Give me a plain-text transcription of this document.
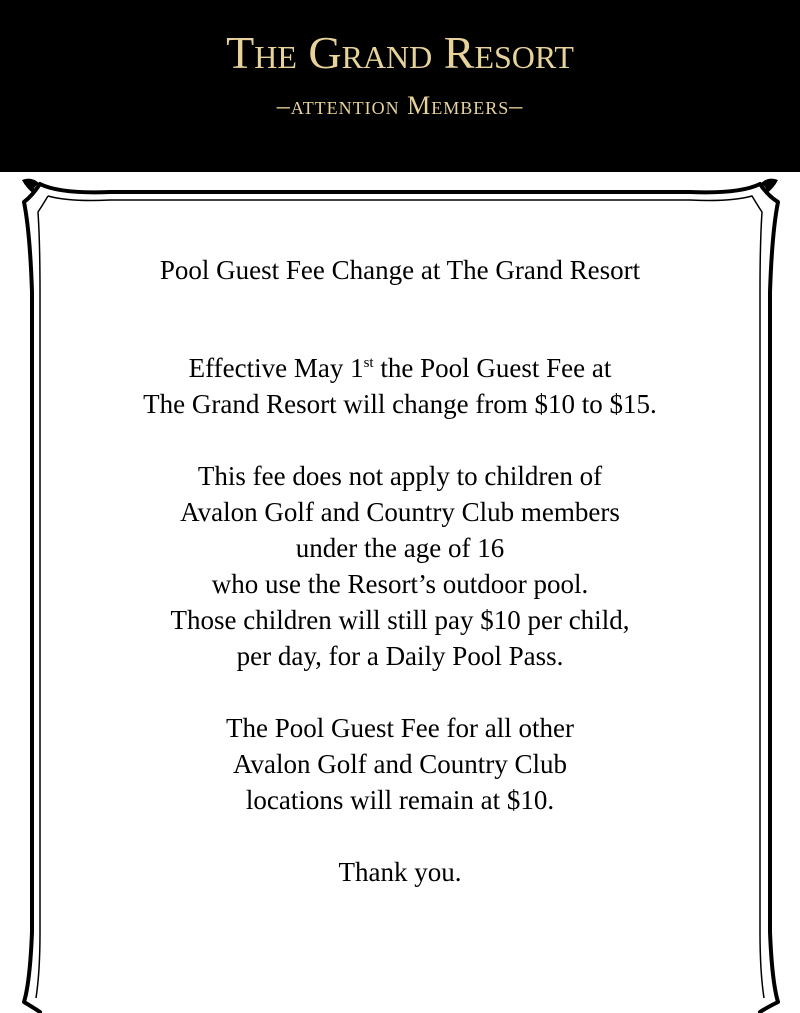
The Grand Resort
–attention Members–

Pool Guest Fee Change at The Grand Resort

Effective May 1st the Pool Guest Fee at
The Grand Resort will change from $10 to $15.

This fee does not apply to children of
Avalon Golf and Country Club members
under the age of 16
who use the Resort’s outdoor pool.
Those children will still pay $10 per child,
per day, for a Daily Pool Pass.

The Pool Guest Fee for all other
Avalon Golf and Country Club
locations will remain at $10.

Thank you.
